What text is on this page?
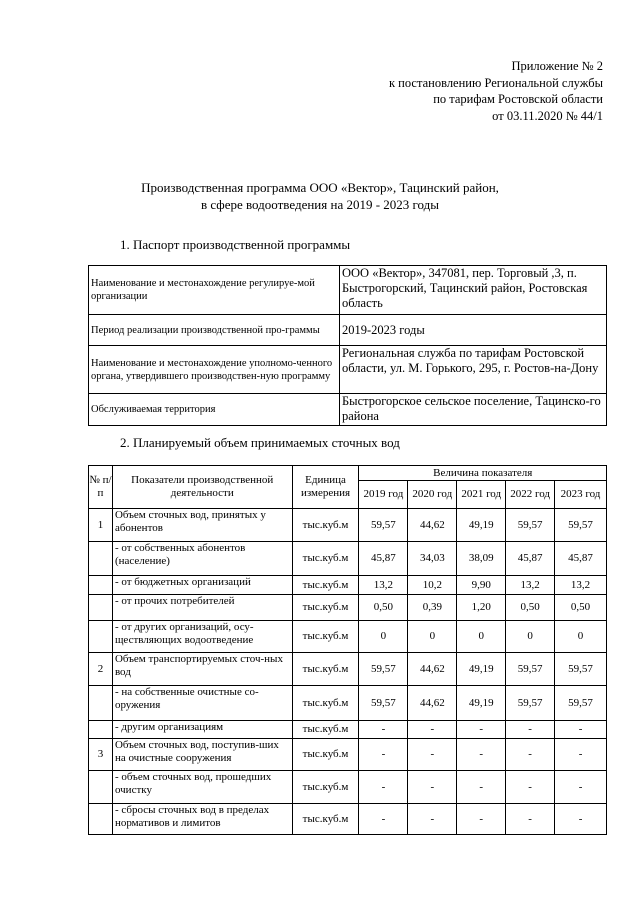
Приложение № 2
к постановлению Региональной службы
по тарифам Ростовской области
от 03.11.2020 № 44/1
Производственная программа ООО «Вектор», Тацинский район,
в сфере водоотведения на 2019 - 2023 годы
1. Паспорт производственной программы
Наименование и местонахождение регулируе-мой организации	ООО «Вектор», 347081, пер. Торговый ,3, п. Быстрогорский, Тацинский район, Ростовская область
Период реализации производственной про-граммы	2019-2023 годы
Наименование и местонахождение уполномо-ченного органа, утвердившего производствен-ную программу	Региональная служба по тарифам Ростовской области, ул. М. Горького, 295, г. Ростов-на-Дону
Обслуживаемая территория	Быстрогорское сельское поселение, Тацинско-го района
2. Планируемый объем принимаемых сточных вод
№ п/п	Показатели производственной деятельности	Единица измерения	Величина показателя				
			2019 год	2020 год	2021 год	2022 год	2023 год
1	Объем сточных вод, принятых у абонентов	тыс.куб.м	59,57	44,62	49,19	59,57	59,57
	- от собственных абонентов (население)	тыс.куб.м	45,87	34,03	38,09	45,87	45,87
	- от бюджетных организаций	тыс.куб.м	13,2	10,2	9,90	13,2	13,2
	- от прочих потребителей	тыс.куб.м	0,50	0,39	1,20	0,50	0,50
	- от других организаций, осу-ществляющих водоотведение	тыс.куб.м	0	0	0	0	0
2	Объем транспортируемых сточ-ных вод	тыс.куб.м	59,57	44,62	49,19	59,57	59,57
	- на собственные очистные со-оружения	тыс.куб.м	59,57	44,62	49,19	59,57	59,57
	- другим организациям	тыс.куб.м	-	-	-	-	-
3	Объем сточных вод, поступив-ших на очистные сооружения	тыс.куб.м	-	-	-	-	-
	- объем сточных вод, прошедших очистку	тыс.куб.м	-	-	-	-	-
	- сбросы сточных вод в пределах нормативов и лимитов	тыс.куб.м	-	-	-	-	-
